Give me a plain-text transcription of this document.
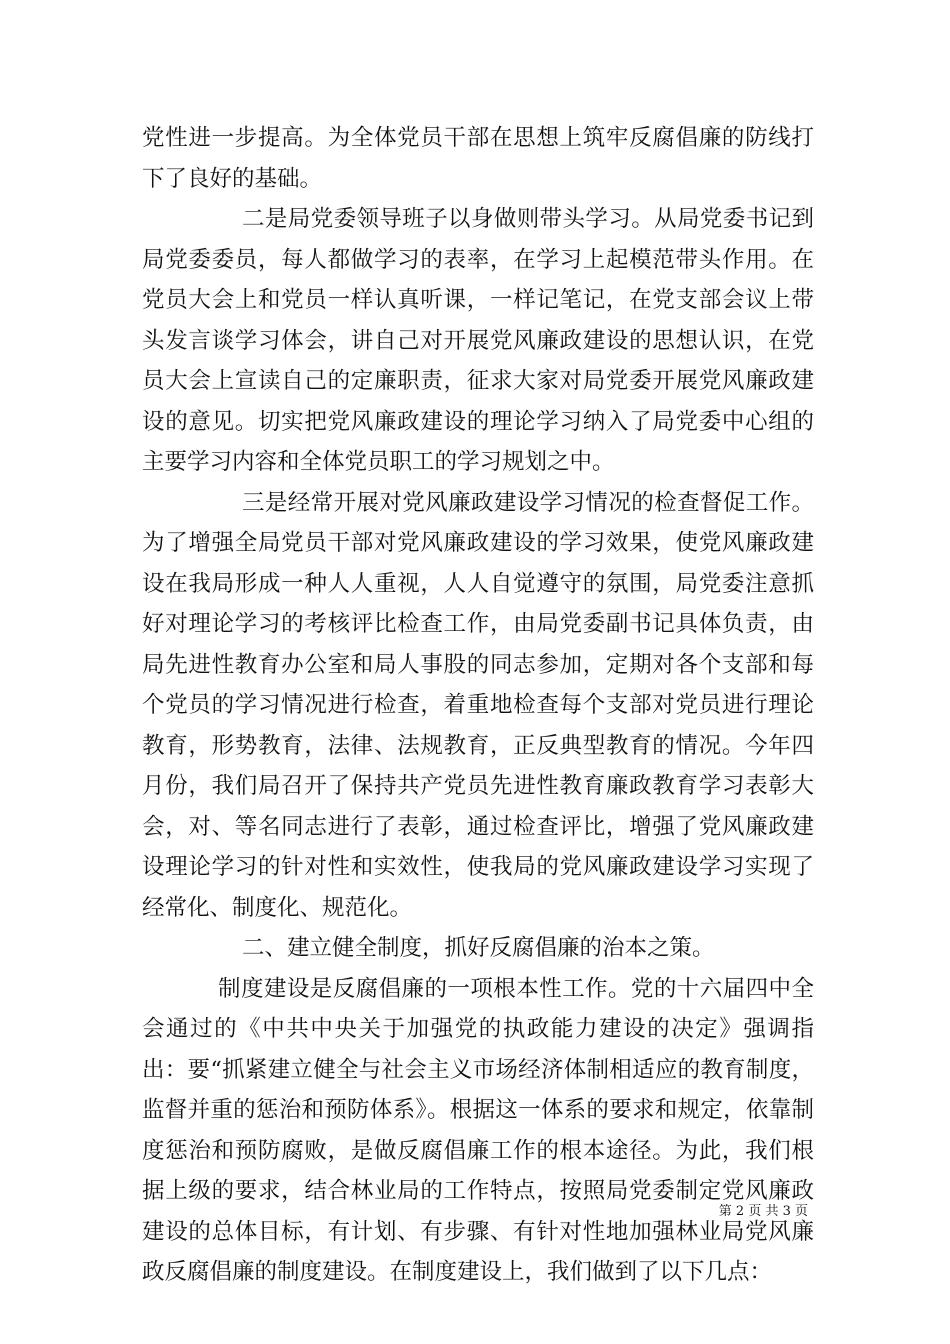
党性进一步提高。为全体党员干部在思想上筑牢反腐倡廉的防线打下了良好的基础。

二是局党委领导班子以身做则带头学习。从局党委书记到局党委委员，每人都做学习的表率，在学习上起模范带头作用。在党员大会上和党员一样认真听课，一样记笔记，在党支部会议上带头发言谈学习体会，讲自己对开展党风廉政建设的思想认识，在党员大会上宣读自己的定廉职责，征求大家对局党委开展党风廉政建设的意见。切实把党风廉政建设的理论学习纳入了局党委中心组的主要学习内容和全体党员职工的学习规划之中。

三是经常开展对党风廉政建设学习情况的检查督促工作。为了增强全局党员干部对党风廉政建设的学习效果，使党风廉政建设在我局形成一种人人重视，人人自觉遵守的氛围，局党委注意抓好对理论学习的考核评比检查工作，由局党委副书记具体负责，由局先进性教育办公室和局人事股的同志参加，定期对各个支部和每个党员的学习情况进行检查，着重地检查每个支部对党员进行理论教育，形势教育，法律、法规教育，正反典型教育的情况。今年四月份，我们局召开了保持共产党员先进性教育廉政教育学习表彰大会，对、等名同志进行了表彰，通过检查评比，增强了党风廉政建设理论学习的针对性和实效性，使我局的党风廉政建设学习实现了经常化、制度化、规范化。

二、建立健全制度，抓好反腐倡廉的治本之策。

制度建设是反腐倡廉的一项根本性工作。党的十六届四中全会通过的《中共中央关于加强党的执政能力建设的决定》强调指出：要“抓紧建立健全与社会主义市场经济体制相适应的教育制度，监督并重的惩治和预防体系》。根据这一体系的要求和规定，依靠制度惩治和预防腐败，是做反腐倡廉工作的根本途径。为此，我们根据上级的要求，结合林业局的工作特点，按照局党委制定党风廉政建设的总体目标，有计划、有步骤、有针对性地加强林业局党风廉政反腐倡廉的制度建设。在制度建设上，我们做到了以下几点：

第 2 页 共 3 页
